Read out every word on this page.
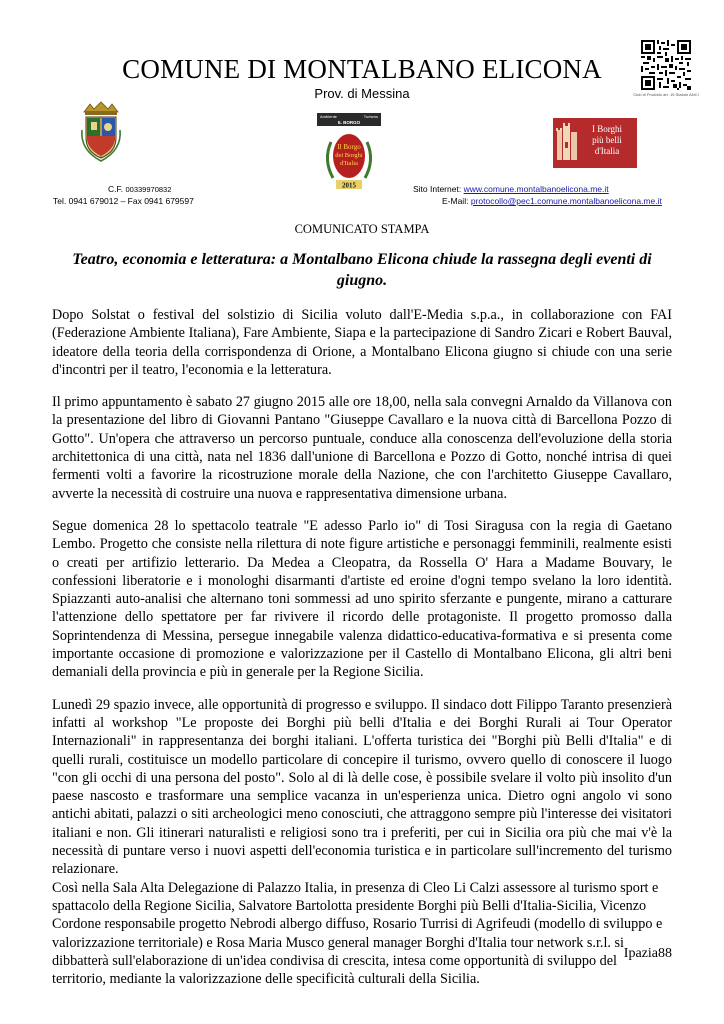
COMUNE DI MONTALBANO ELICONA
Prov. di Messina	Club di Prodotto art. 15 Statuto ANCI
Ambiente	Turismo
IL BORGO
Il Borgo
dei Borghi
d'Italia
2015
I Borghi
più belli
d'Italia
C.F. 00339970832
Tel. 0941 679012 – Fax 0941 679597
Sito Internet: www.comune.montalbanoelicona.me.it
E-Mail: protocollo@pec1.comune.montalbanoelicona.me.it
COMUNICATO STAMPA
Teatro, economia e letteratura: a Montalbano Elicona chiude la rassegna degli eventi di giugno.

Dopo Solstat o festival del solstizio di Sicilia voluto dall'E-Media s.p.a., in collaborazione con FAI (Federazione Ambiente Italiana), Fare Ambiente, Siapa e la partecipazione di Sandro Zicari e Robert Bauval, ideatore della teoria della corrispondenza di Orione, a Montalbano Elicona giugno si chiude con una serie d'incontri per il teatro, l'economia e la letteratura.

Il primo appuntamento è sabato 27 giugno 2015 alle ore 18,00, nella sala convegni Arnaldo da Villanova con la presentazione del libro di Giovanni Pantano "Giuseppe Cavallaro e la nuova città di Barcellona Pozzo di Gotto". Un'opera che attraverso un percorso puntuale, conduce alla conoscenza dell'evoluzione della storia architettonica di una città, nata nel 1836 dall'unione di Barcellona e Pozzo di Gotto, nonché intrisa di quei fermenti volti a favorire la ricostruzione morale della Nazione, che con l'architetto Giuseppe Cavallaro, avverte la necessità di costruire una nuova e rappresentativa dimensione urbana.

Segue domenica 28 lo spettacolo teatrale "E adesso Parlo io" di Tosi Siragusa con la regia di Gaetano Lembo. Progetto che consiste nella rilettura di note figure artistiche e personaggi femminili, realmente esisti o creati per artifizio letterario. Da Medea a Cleopatra, da Rossella O' Hara a Madame Bouvary, le confessioni liberatorie e i monologhi disarmanti d'artiste ed eroine d'ogni tempo svelano la loro identità. Spiazzanti auto-analisi che alternano toni sommessi ad uno spirito sferzante e pungente, mirano a catturare l'attenzione dello spettatore per far rivivere il ricordo delle protagoniste. Il progetto promosso dalla Soprintendenza di Messina, persegue innegabile valenza didattico-educativa-formativa e si presenta come importante occasione di promozione e valorizzazione per il Castello di Montalbano Elicona, gli altri beni demaniali della provincia e più in generale per la Regione Sicilia.

Lunedì 29 spazio invece, alle opportunità di progresso e sviluppo. Il sindaco dott Filippo Taranto presenzierà infatti al workshop "Le proposte dei Borghi più belli d'Italia e dei Borghi Rurali ai Tour Operator Internazionali" in rappresentanza dei borghi italiani. L'offerta turistica dei "Borghi più Belli d'Italia" e di quelli rurali, costituisce un modello particolare di concepire il turismo, ovvero quello di conoscere il luogo "con gli occhi di una persona del posto". Solo al di là delle cose, è possibile svelare il volto più insolito d'un paese nascosto e trasformare una semplice vacanza in un'esperienza unica. Dietro ogni angolo vi sono antichi abitati, palazzi o siti archeologici meno conosciuti, che attraggono sempre più l'interesse dei visitatori italiani e non. Gli itinerari naturalisti e religiosi sono tra i preferiti, per cui in Sicilia ora più che mai v'è la necessità di puntare verso i nuovi aspetti dell'economia turistica e in particolare sull'incremento del turismo relazionare.

Così nella Sala Alta Delegazione di Palazzo Italia, in presenza di Cleo Li Calzi assessore al turismo sport e spattacolo della Regione Sicilia, Salvatore Bartolotta presidente Borghi più Belli d'Italia-Sicilia, Vicenzo Cordone responsabile progetto Nebrodi albergo diffuso, Rosario Turrisi di Agrifeudi (modello di sviluppo e valorizzazione territoriale) e Rosa Maria Musco general manager Borghi d'Italia tour network s.r.l. si dibbatterà sull'elaborazione di un'idea condivisa di crescita, intesa come opportunità di sviluppo del territorio, mediante la valorizzazione delle specificità culturali della Sicilia.

Ipazia88
